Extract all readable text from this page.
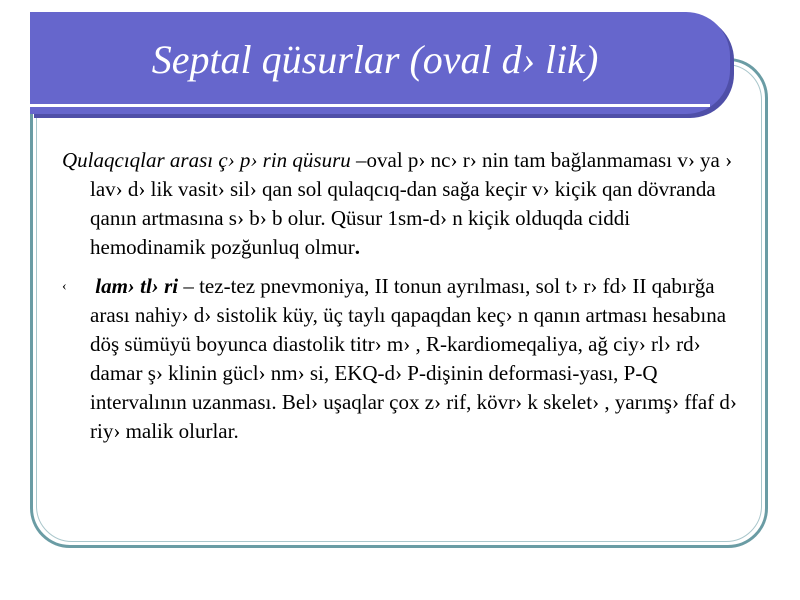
Septal qüsurlar (oval d› lik)
Qulaqcıqlar arası ç› p› rin qüsuru –oval p› nc› r› nin tam bağlanmaması v› ya › lav› d› lik vasit› sil› qan sol qulaqcıq-dan sağa keçir v› kiçik qan dövranda qanın artmasına s› b› b olur. Qüsur 1sm-d› n kiçik olduqda ciddi hemodinamik pozğunluq olmur.
‹ lam› tl› ri – tez-tez pnevmoniya, II tonun ayrılması, sol t› r› fd› II qabırğa arası nahiy› d› sistolik küy, üç taylı qapaqdan keç› n qanın artması hesabına döş sümüyü boyunca diastolik titr› m› , R-kardiomeqaliya, ağ ciy› rl› rd› damar ş› klinin gücl› nm› si, EKQ-d› P-dişinin deformasi-yası, P-Q intervalının uzanması. Bel› uşaqlar çox z› rif, kövr› k skelet› , yarımş› ffaf d› riy› malik olurlar.
